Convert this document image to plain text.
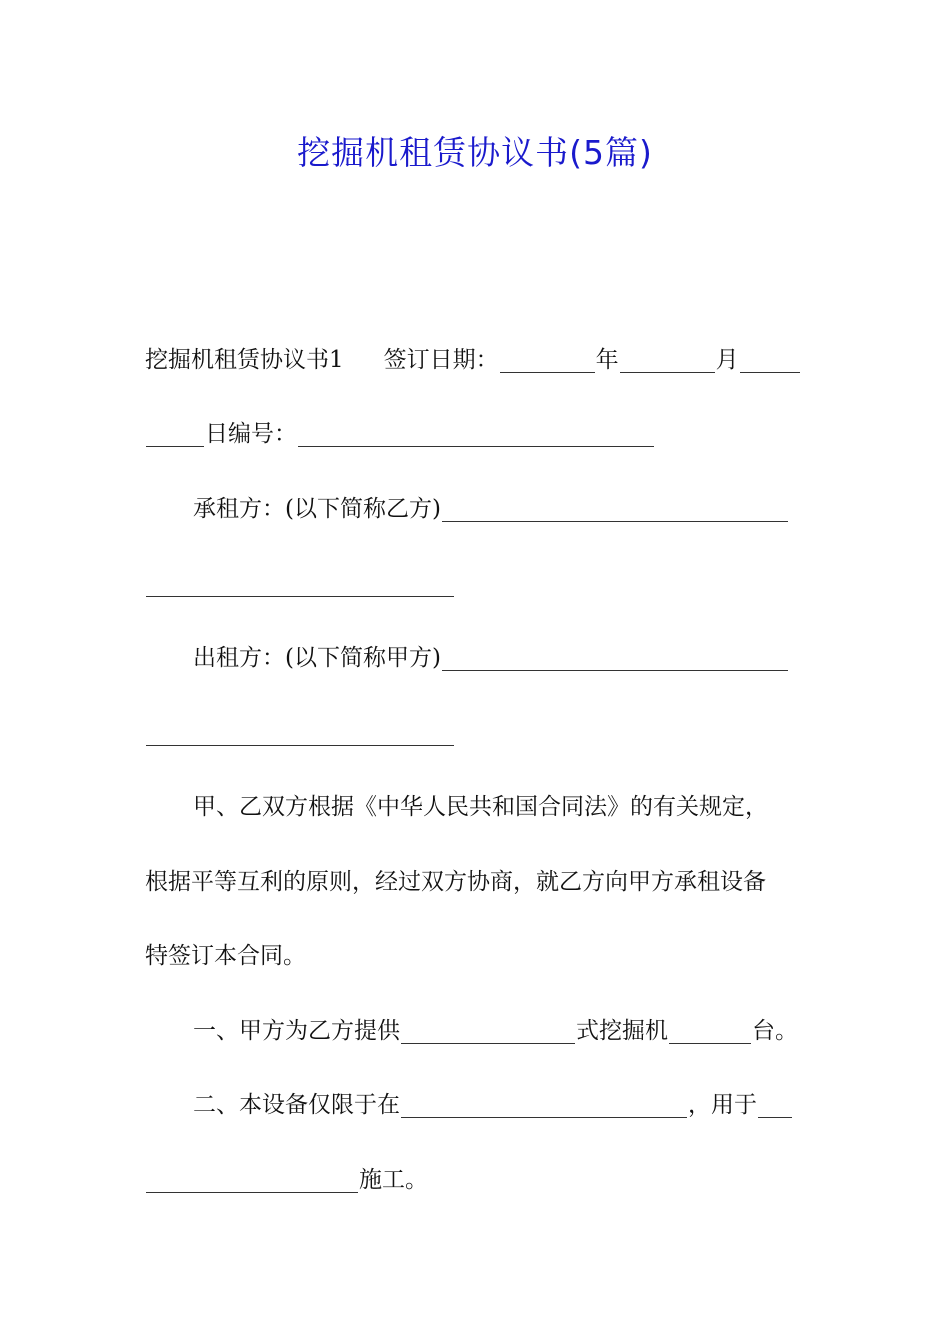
挖掘机租赁协议书(5篇)
挖掘机租赁协议书1 签订日期：	年	月
日编号：
承租方：(以下简称乙方)
出租方：(以下简称甲方)
甲、乙双方根据《中华人民共和国合同法》的有关规定，
根据平等互利的原则，经过双方协商，就乙方向甲方承租设备
特签订本合同。
一、甲方为乙方提供	式挖掘机	台。
二、本设备仅限于在	，用于
施工。
